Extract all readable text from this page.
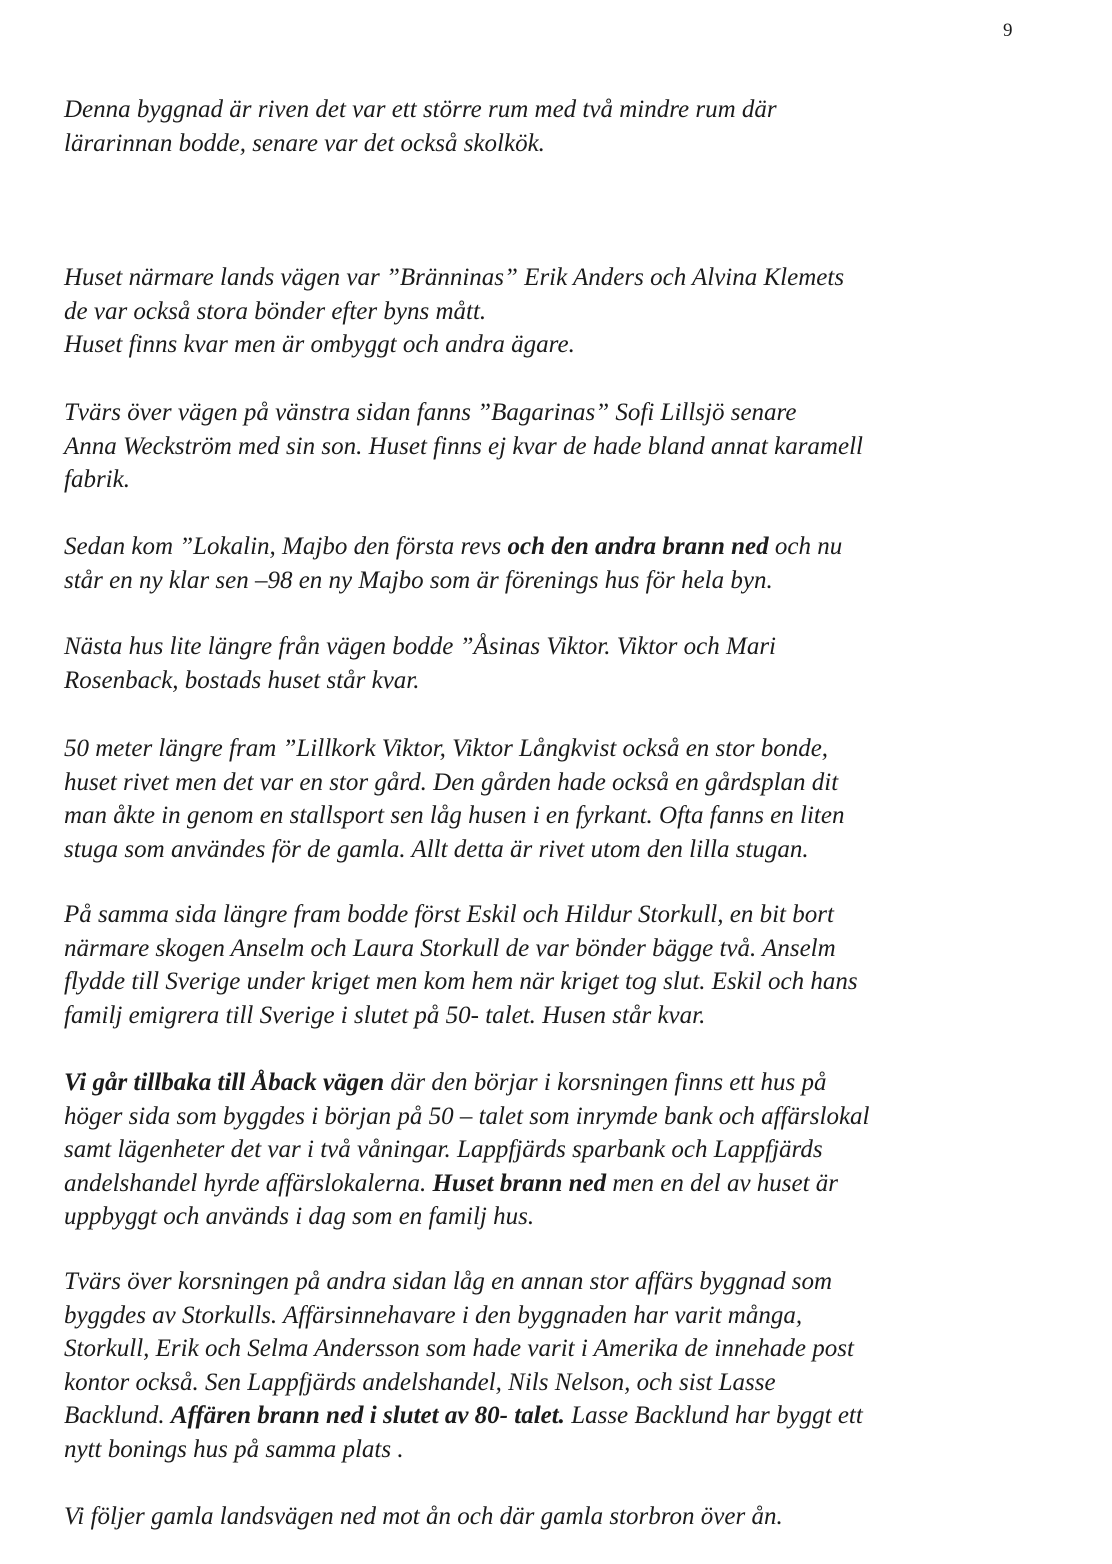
9

Denna byggnad är riven det var ett större rum med två mindre rum där
lärarinnan bodde, senare var det också skolkök.

Huset närmare lands vägen var ”Bränninas” Erik Anders och Alvina Klemets
de var också stora bönder efter byns mått.
Huset finns kvar men är ombyggt och andra ägare.

Tvärs över vägen på vänstra sidan fanns ”Bagarinas” Sofi Lillsjö senare
Anna Weckström med sin son. Huset finns ej kvar de hade bland annat karamell
fabrik.

Sedan kom ”Lokalin, Majbo den första revs och den andra brann ned och nu
står en ny klar sen –98 en ny Majbo som är förenings hus för hela byn.

Nästa hus lite längre från vägen bodde ”Åsinas Viktor. Viktor och Mari
Rosenback, bostads huset står kvar.

50 meter längre fram ”Lillkork Viktor, Viktor Långkvist också en stor bonde,
huset rivet men det var en stor gård. Den gården hade också en gårdsplan dit
man åkte in genom en stallsport sen låg husen i en fyrkant. Ofta fanns en liten
stuga som användes för de gamla. Allt detta är rivet utom den lilla stugan.

På samma sida längre fram bodde först Eskil och Hildur Storkull, en bit bort
närmare skogen Anselm och Laura Storkull de var bönder bägge två. Anselm
flydde till Sverige under kriget men kom hem när kriget tog slut. Eskil och hans
familj emigrera till Sverige i slutet på 50- talet. Husen står kvar.

Vi går tillbaka till Åback vägen där den börjar i korsningen finns ett hus på
höger sida som byggdes i början på 50 – talet som inrymde bank och affärslokal
samt lägenheter det var i två våningar. Lappfjärds sparbank och Lappfjärds
andelshandel hyrde affärslokalerna. Huset brann ned men en del av huset är
uppbyggt och används i dag som en familj hus.

Tvärs över korsningen på andra sidan låg en annan stor affärs byggnad som
byggdes av Storkulls. Affärsinnehavare i den byggnaden har varit många,
Storkull, Erik och Selma Andersson som hade varit i Amerika de innehade post
kontor också. Sen Lappfjärds andelshandel, Nils Nelson, och sist Lasse
Backlund. Affären brann ned i slutet av 80- talet. Lasse Backlund har byggt ett
nytt bonings hus på samma plats .

Vi följer gamla landsvägen ned mot ån och där gamla storbron över ån.
